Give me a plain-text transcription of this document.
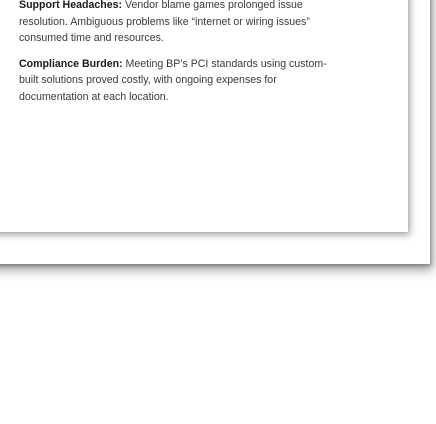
Support Headaches: Vendor blame games prolonged issue resolution. Ambiguous problems like “internet or wiring issues” consumed time and resources.

Compliance Burden: Meeting BP’s PCI standards using custom-built solutions proved costly, with ongoing expenses for documentation at each location.
